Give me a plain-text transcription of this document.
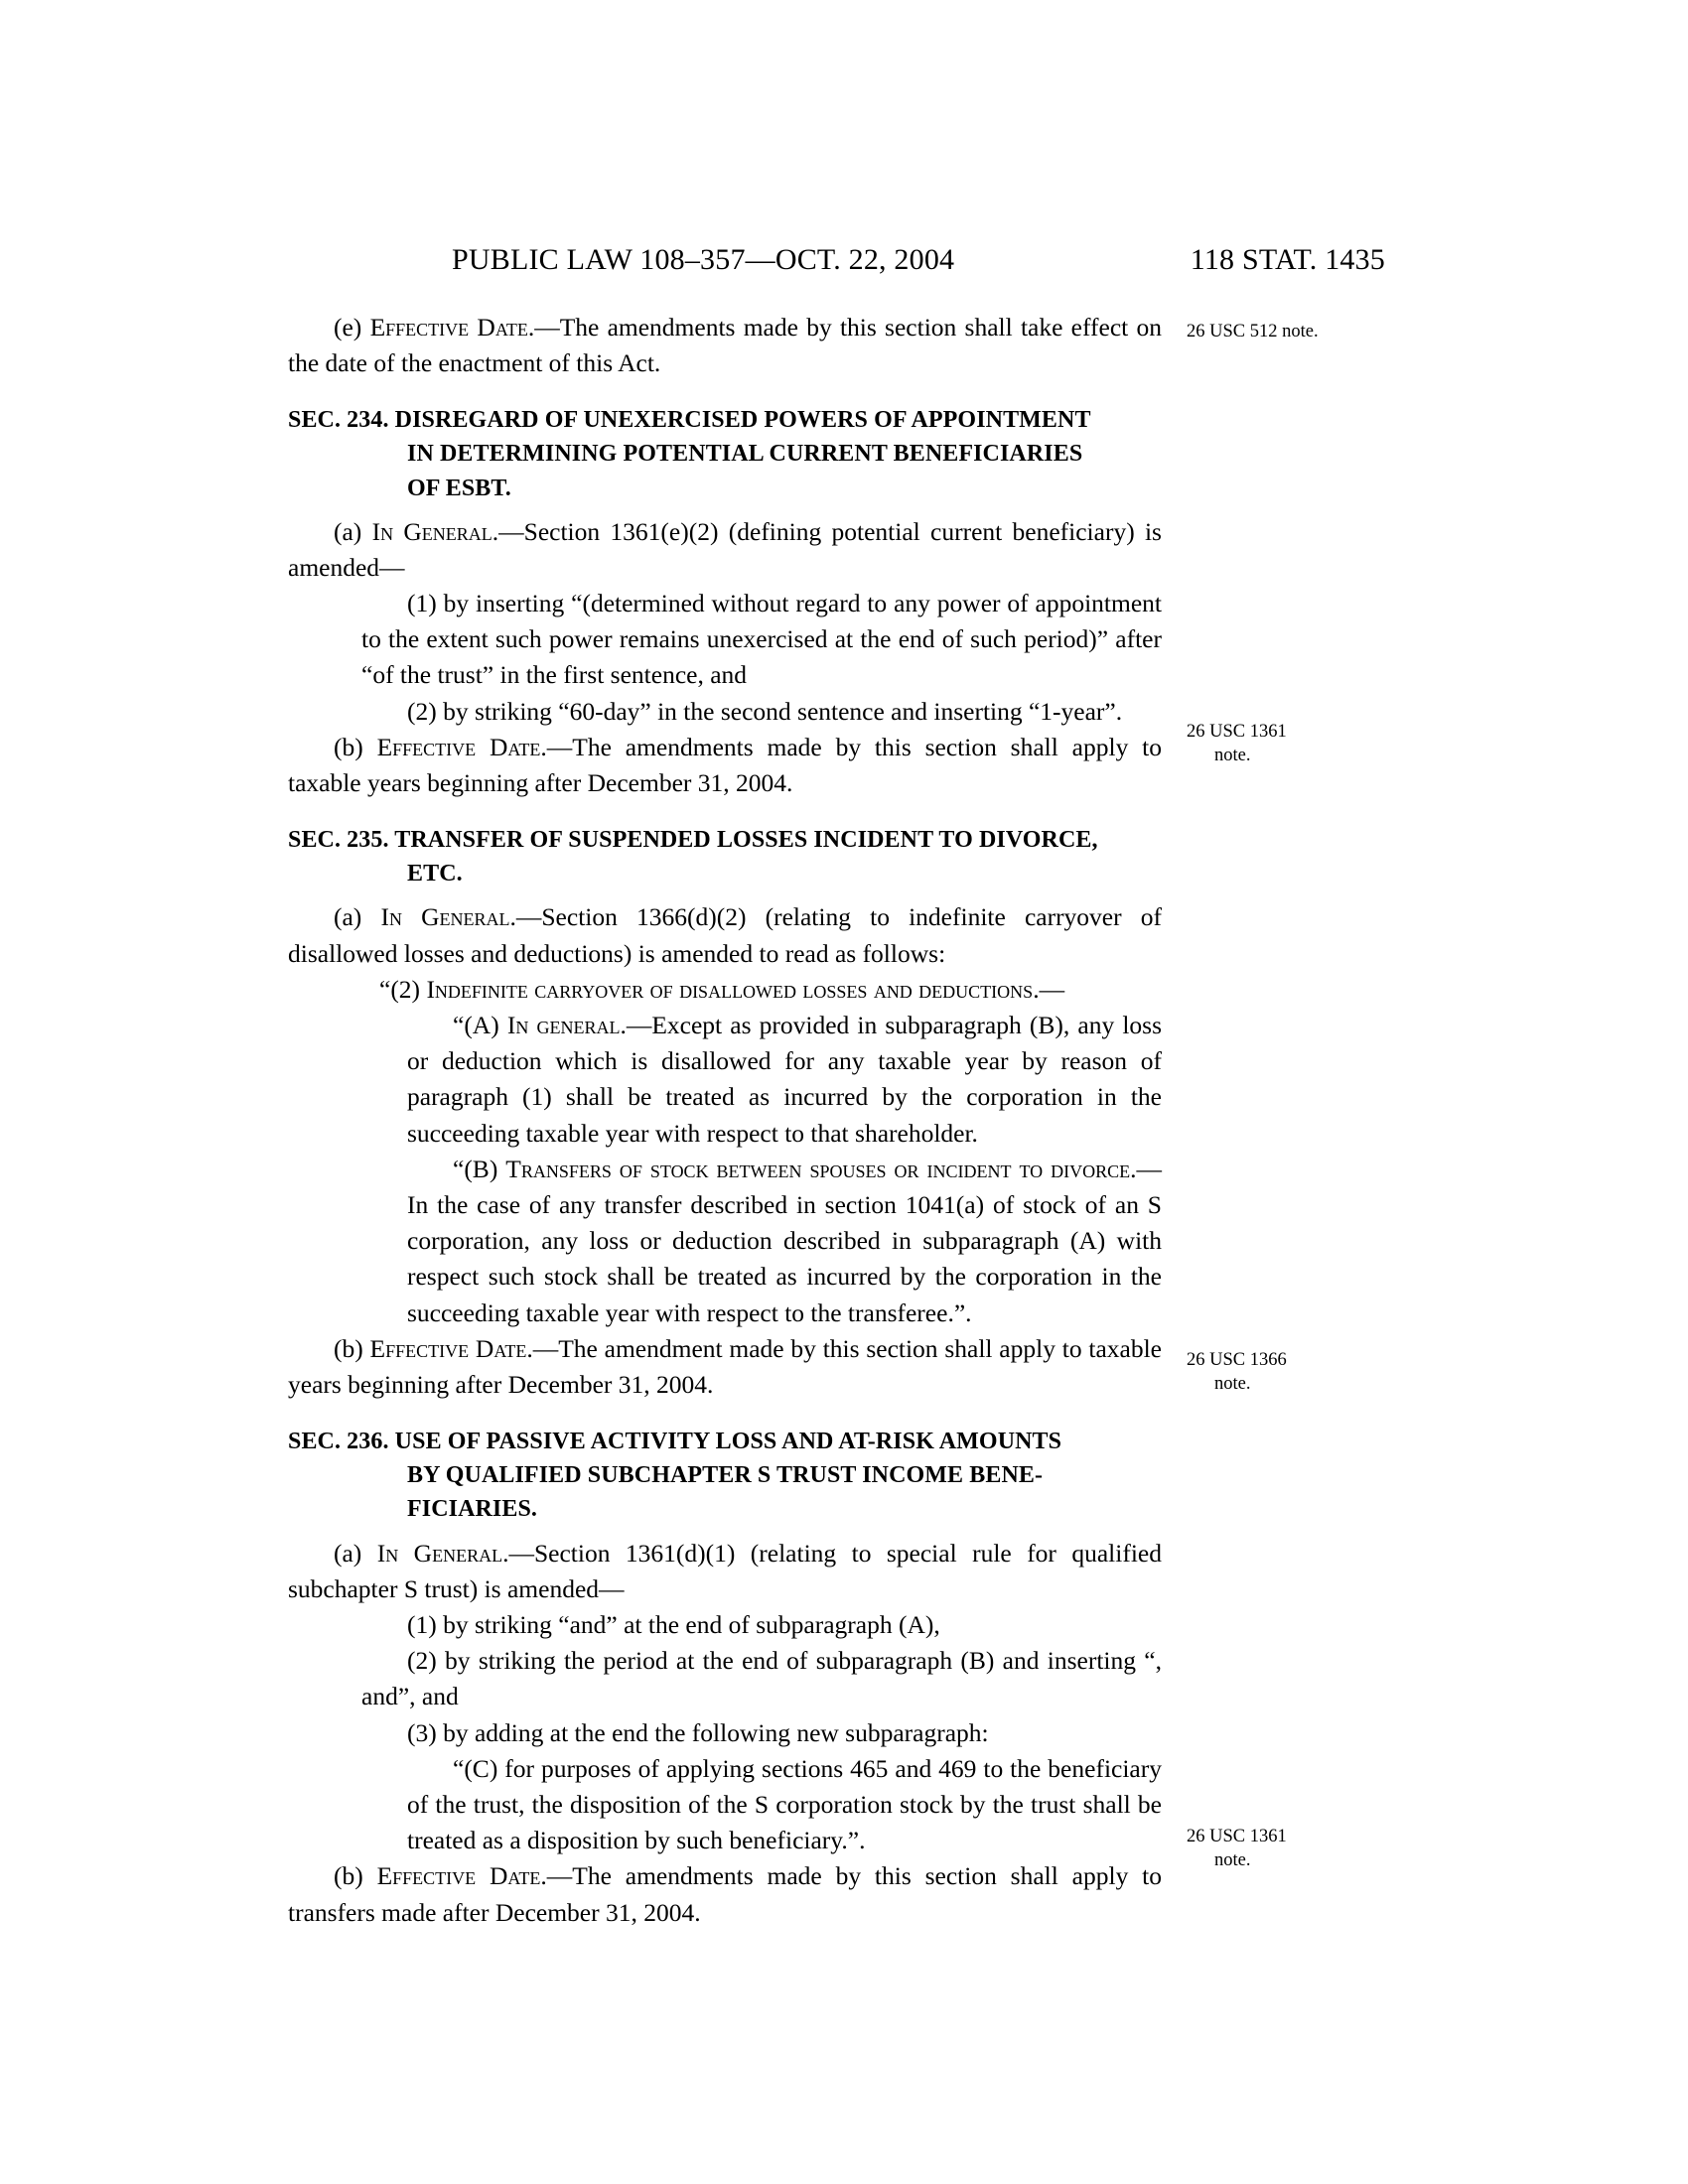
PUBLIC LAW 108–357—OCT. 22, 2004	118 STAT. 1435

(e) Effective Date.—The amendments made by this section shall take effect on the date of the enactment of this Act.

SEC. 234. DISREGARD OF UNEXERCISED POWERS OF APPOINTMENT
IN DETERMINING POTENTIAL CURRENT BENEFICIARIES
OF ESBT.

(a) In General.—Section 1361(e)(2) (defining potential current beneficiary) is amended—

(1) by inserting “(determined without regard to any power of appointment to the extent such power remains unexercised at the end of such period)” after “of the trust” in the first sentence, and

(2) by striking “60-day” in the second sentence and inserting “1-year”.

(b) Effective Date.—The amendments made by this section shall apply to taxable years beginning after December 31, 2004.

SEC. 235. TRANSFER OF SUSPENDED LOSSES INCIDENT TO DIVORCE,
ETC.

(a) In General.—Section 1366(d)(2) (relating to indefinite carryover of disallowed losses and deductions) is amended to read as follows:

“(2) Indefinite carryover of disallowed losses and deductions.—

“(A) In general.—Except as provided in subparagraph (B), any loss or deduction which is disallowed for any taxable year by reason of paragraph (1) shall be treated as incurred by the corporation in the succeeding taxable year with respect to that shareholder.

“(B) Transfers of stock between spouses or incident to divorce.—In the case of any transfer described in section 1041(a) of stock of an S corporation, any loss or deduction described in subparagraph (A) with respect such stock shall be treated as incurred by the corporation in the succeeding taxable year with respect to the transferee.”.

(b) Effective Date.—The amendment made by this section shall apply to taxable years beginning after December 31, 2004.

SEC. 236. USE OF PASSIVE ACTIVITY LOSS AND AT-RISK AMOUNTS
BY QUALIFIED SUBCHAPTER S TRUST INCOME BENE-
FICIARIES.

(a) In General.—Section 1361(d)(1) (relating to special rule for qualified subchapter S trust) is amended—

(1) by striking “and” at the end of subparagraph (A),

(2) by striking the period at the end of subparagraph (B) and inserting “, and”, and

(3) by adding at the end the following new subparagraph:

“(C) for purposes of applying sections 465 and 469 to the beneficiary of the trust, the disposition of the S corporation stock by the trust shall be treated as a disposition by such beneficiary.”.

(b) Effective Date.—The amendments made by this section shall apply to transfers made after December 31, 2004.

26 USC 512 note.
26 USC 1361
note.
26 USC 1366
note.
26 USC 1361
note.
